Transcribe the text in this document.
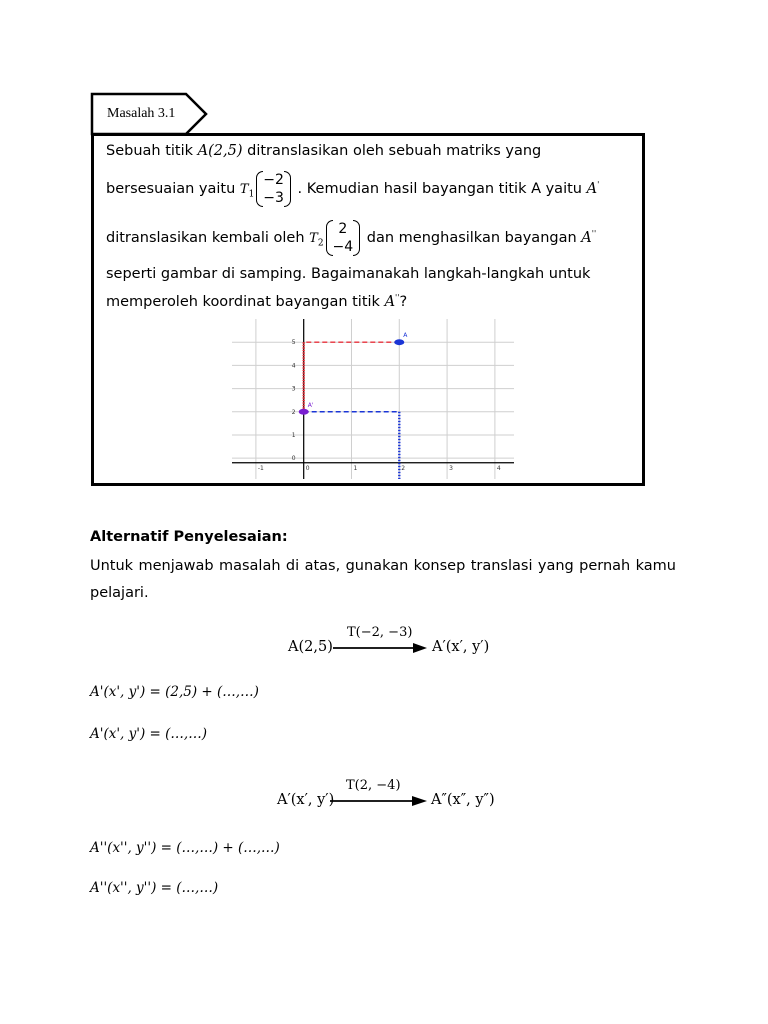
Masalah 3.1
Sebuah titik A(2,5) ditranslasikan oleh sebuah matriks yang
bersesuaian yaitu $T_1$
−2
−3
. Kemudian hasil bayangan titik A yaitu A'
ditranslasikan kembali oleh $T_2$
2
−4
dan menghasilkan bayangan A''
seperti gambar di samping. Bagaimanakah langkah-langkah untuk
memperoleh koordinat bayangan titik A''?
-1	0	1	2	3	4
0
1
2
3
4
5
A
A'
Alternatif Penyelesaian:
Untuk menjawab masalah di atas, gunakan konsep translasi yang pernah kamu pelajari.
A(2,5)
T(−2, −3)
A′(x′, y′)
A'(x', y') = (2,5) + (…,…)
A'(x', y') = (…,…)
A′(x′, y′)
T(2, −4)
A″(x″, y″)
A''(x'', y'') = (…,…) + (…,…)
A''(x'', y'') = (…,…)
